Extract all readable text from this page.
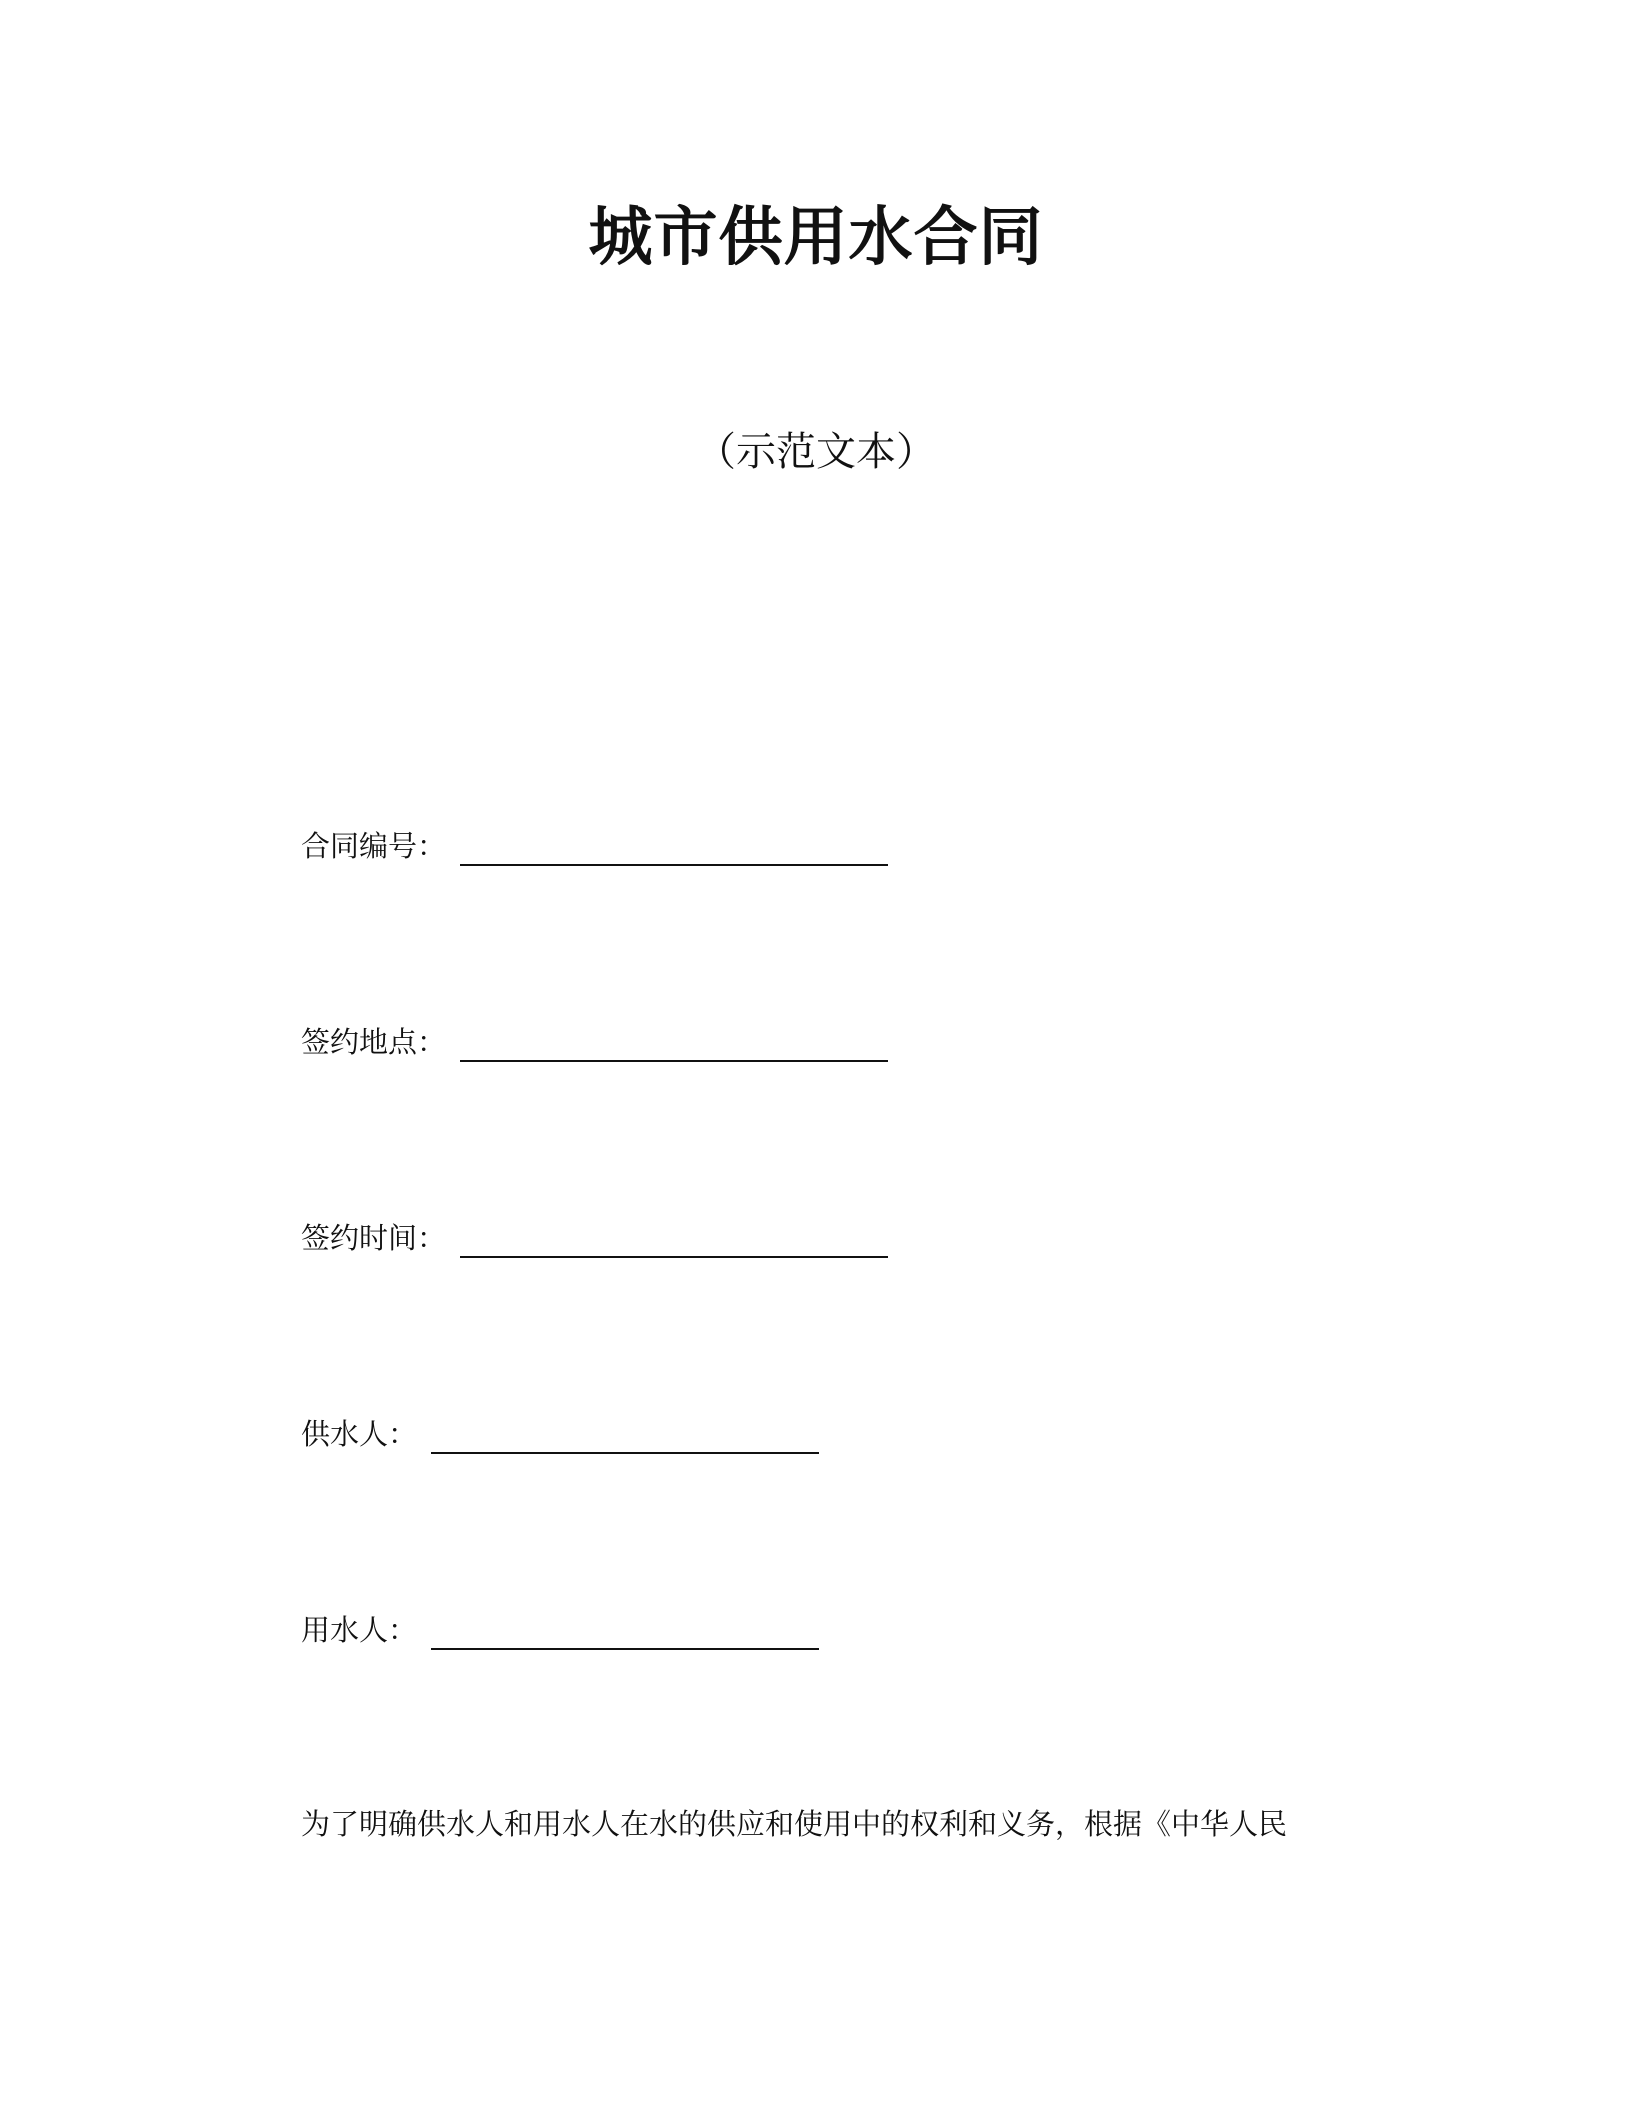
城市供用水合同
（示范文本）
合同编号：
签约地点：
签约时间：
供水人：
用水人：
为了明确供水人和用水人在水的供应和使用中的权利和义务，根据《中华人民
